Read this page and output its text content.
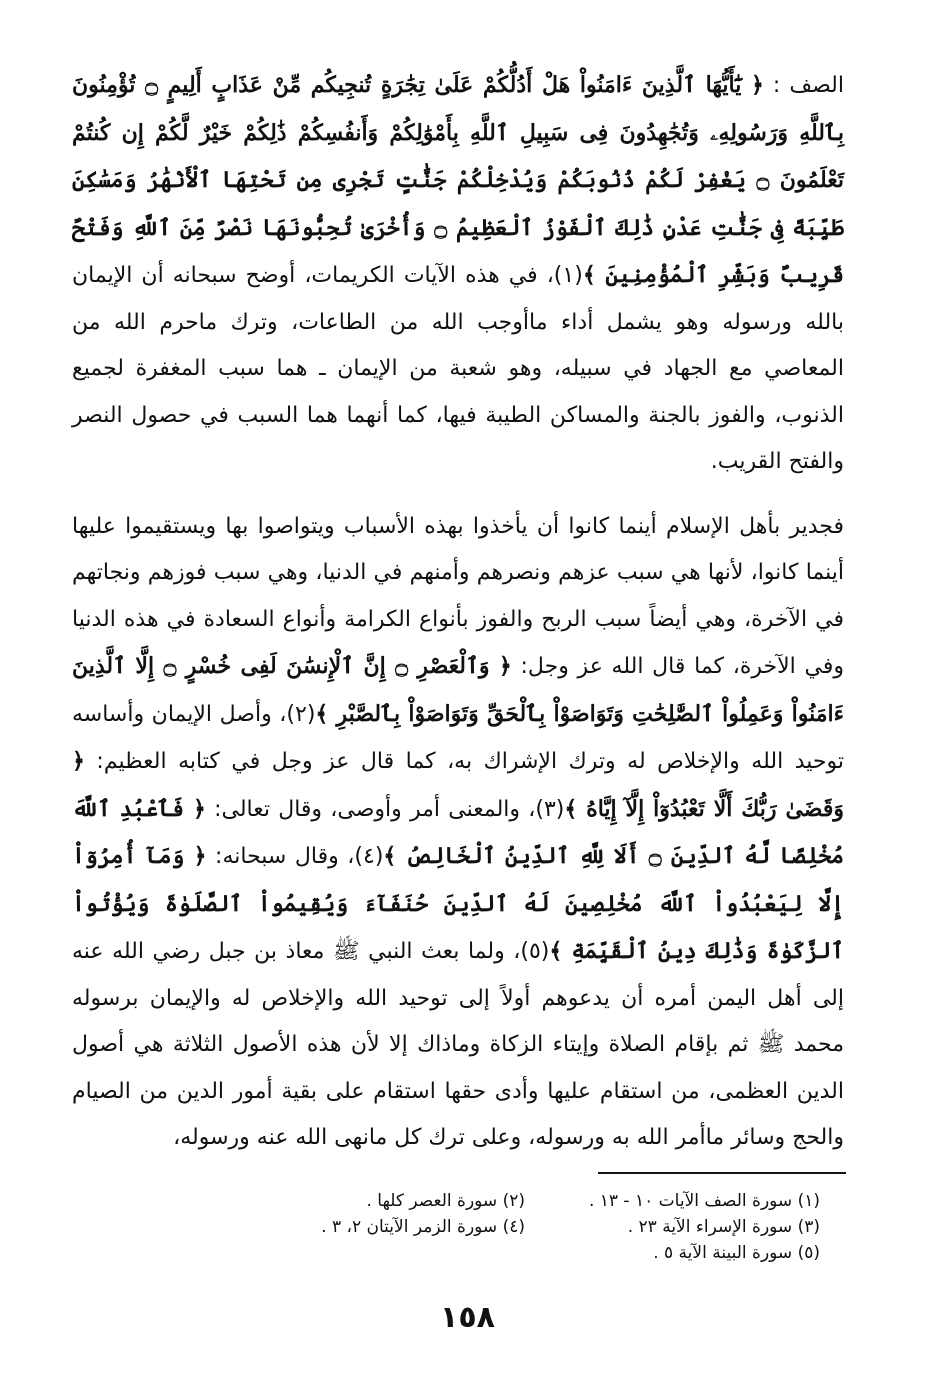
الصف : ﴿ يَٰٓأَيُّهَا ٱلَّذِينَ ءَامَنُواْ هَلْ أَدُلُّكُمْ عَلَىٰ تِجَٰرَةٍ تُنجِيكُم مِّنْ عَذَابٍ أَلِيمٍ ۝ تُؤْمِنُونَ بِٱللَّهِ وَرَسُولِهِۦ وَتُجَٰهِدُونَ فِى سَبِيلِ ٱللَّهِ بِأَمْوَٰلِكُمْ وَأَنفُسِكُمْ ذَٰلِكُمْ خَيْرٌ لَّكُمْ إِن كُنتُمْ تَعْلَمُونَ ۝ يَغْفِرْ لَكُمْ ذُنُوبَكُمْ وَيُدْخِلْكُمْ جَنَّٰتٍ تَجْرِى مِن تَحْتِهَا ٱلْأَنْهَٰرُ وَمَسَٰكِنَ طَيِّبَةً فِى جَنَّٰتِ عَدْنٍ ذَٰلِكَ ٱلْفَوْزُ ٱلْعَظِيمُ ۝ وَأُخْرَىٰ تُحِبُّونَهَا نَصْرٌ مِّنَ ٱللَّهِ وَفَتْحٌ قَرِيبٌ وَبَشِّرِ ٱلْمُؤْمِنِينَ ﴾(١)، في هذه الآيات الكريمات، أوضح سبحانه أن الإيمان بالله ورسوله وهو يشمل أداء ماأوجب الله من الطاعات، وترك ماحرم الله من المعاصي مع الجهاد في سبيله، وهو شعبة من الإيمان ـ هما سبب المغفرة لجميع الذنوب، والفوز بالجنة والمساكن الطيبة فيها، كما أنهما هما السبب في حصول النصر والفتح القريب.

فجدير بأهل الإسلام أينما كانوا أن يأخذوا بهذه الأسباب ويتواصوا بها ويستقيموا عليها أينما كانوا، لأنها هي سبب عزهم ونصرهم وأمنهم في الدنيا، وهي سبب فوزهم ونجاتهم في الآخرة، وهي أيضاً سبب الربح والفوز بأنواع الكرامة وأنواع السعادة في هذه الدنيا وفي الآخرة، كما قال الله عز وجل: ﴿ وَٱلْعَصْرِ ۝ إِنَّ ٱلْإِنسَٰنَ لَفِى خُسْرٍ ۝ إِلَّا ٱلَّذِينَ ءَامَنُواْ وَعَمِلُواْ ٱلصَّٰلِحَٰتِ وَتَوَاصَوْاْ بِٱلْحَقِّ وَتَوَاصَوْاْ بِٱلصَّبْرِ ﴾(٢)، وأصل الإيمان وأساسه توحيد الله والإخلاص له وترك الإشراك به، كما قال عز وجل في كتابه العظيم: ﴿ وَقَضَىٰ رَبُّكَ أَلَّا تَعْبُدُوٓاْ إِلَّآ إِيَّاهُ ﴾(٣)، والمعنى أمر وأوصى، وقال تعالى: ﴿ فَٱعْبُدِ ٱللَّهَ مُخْلِصًا لَّهُ ٱلدِّينَ ۝ أَلَا لِلَّهِ ٱلدِّينُ ٱلْخَالِصُ ﴾(٤)، وقال سبحانه: ﴿ وَمَآ أُمِرُوٓاْ إِلَّا لِيَعْبُدُواْ ٱللَّهَ مُخْلِصِينَ لَهُ ٱلدِّينَ حُنَفَآءَ وَيُقِيمُواْ ٱلصَّلَوٰةَ وَيُؤْتُواْ ٱلزَّكَوٰةَ وَذَٰلِكَ دِينُ ٱلْقَيِّمَةِ ﴾(٥)، ولما بعث النبي ﷺ معاذ بن جبل رضي الله عنه إلى أهل اليمن أمره أن يدعوهم أولاً إلى توحيد الله والإخلاص له والإيمان برسوله محمد ﷺ ثم بإقام الصلاة وإيتاء الزكاة وماذاك إلا لأن هذه الأصول الثلاثة هي أصول الدين العظمى، من استقام عليها وأدى حقها استقام على بقية أمور الدين من الصيام والحج وسائر ماأمر الله به ورسوله، وعلى ترك كل مانهى الله عنه ورسوله،

(١) سورة الصف الآيات ١٠ - ١٣ .
(٢) سورة العصر كلها .
(٣) سورة الإسراء الآية ٢٣ .
(٤) سورة الزمر الآيتان ٢، ٣ .
(٥) سورة البينة الآية ٥ .
١٥٨
